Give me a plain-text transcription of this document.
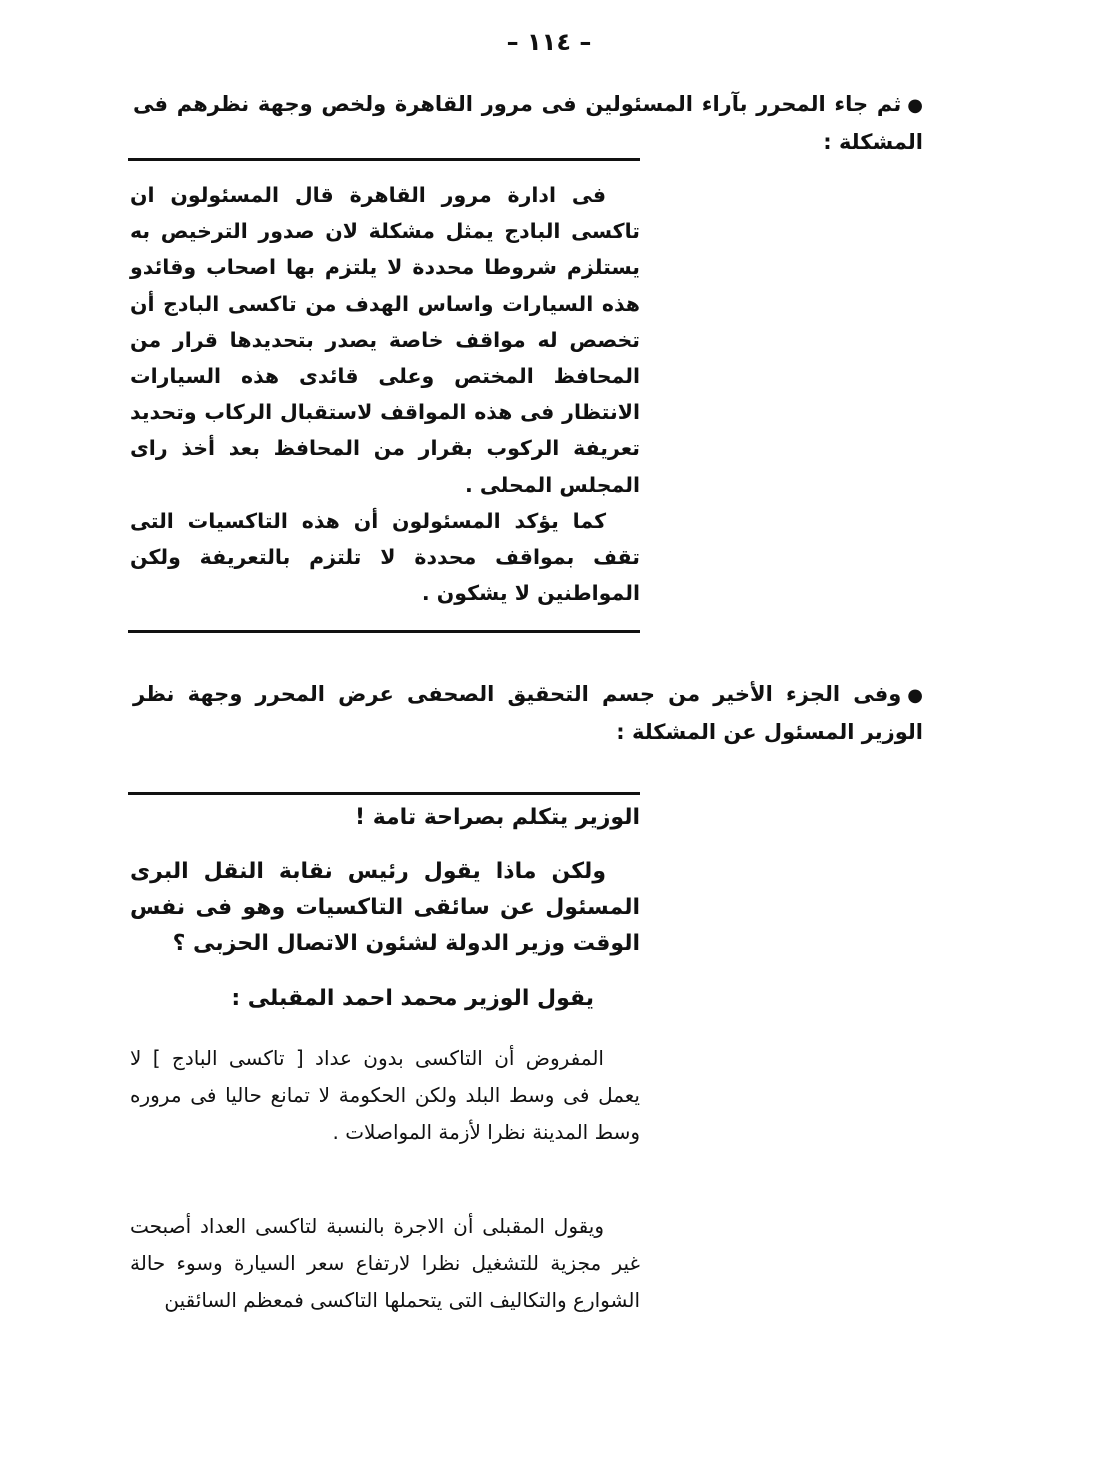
– ١١٤ –
●ثم جاء المحرر بآراء المسئولين فى مرور القاهرة ولخص وجهة نظرهم فى المشكلة :

فى ادارة مرور القاهرة قال المسئولون ان تاكسى البادج يمثل مشكلة لان صدور الترخيص به يستلزم شروطا محددة لا يلتزم بها اصحاب وقائدو هذه السيارات واساس الهدف من تاكسى البادج أن تخصص له مواقف خاصة يصدر بتحديدها قرار من المحافظ المختص وعلى قائدى هذه السيارات الانتظار فى هذه المواقف لاستقبال الركاب وتحديد تعريفة الركوب بقرار من المحافظ بعد أخذ راى المجلس المحلى .

كما يؤكد المسئولون أن هذه التاكسيات التى تقف بمواقف محددة لا تلتزم بالتعريفة ولكن المواطنين لا يشكون .

●وفى الجزء الأخير من جسم التحقيق الصحفى عرض المحرر وجهة نظر الوزير المسئول عن المشكلة :
الوزير يتكلم بصراحة تامة !

ولكن ماذا يقول رئيس نقابة النقل البرى المسئول عن سائقى التاكسيات وهو فى نفس الوقت وزير الدولة لشئون الاتصال الحزبى ؟

يقول الوزير محمد احمد المقبلى :

المفروض أن التاكسى بدون عداد [ تاكسى البادج ] لا يعمل فى وسط البلد ولكن الحكومة لا تمانع حاليا فى مروره وسط المدينة نظرا لأزمة المواصلات .

ويقول المقبلى أن الاجرة بالنسبة لتاكسى العداد أصبحت غير مجزية للتشغيل نظرا لارتفاع سعر السيارة وسوء حالة الشوارع والتكاليف التى يتحملها التاكسى فمعظم السائقين
